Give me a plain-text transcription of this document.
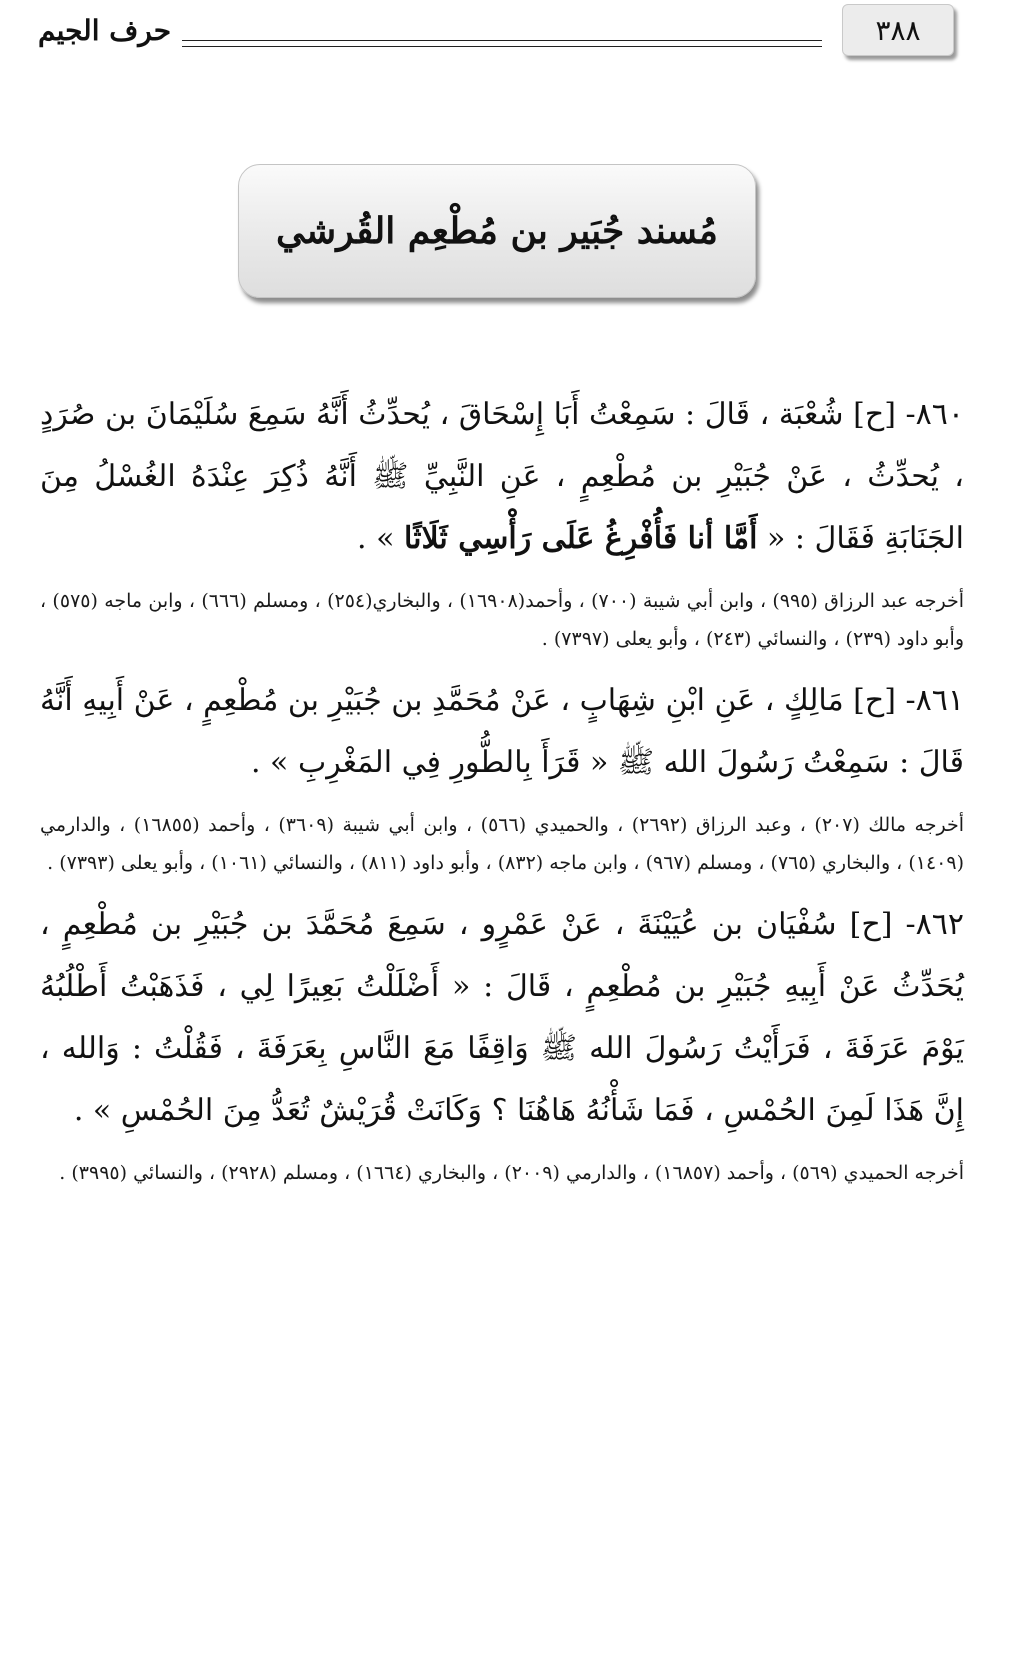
٣٨٨
حرف الجيم
مُسند جُبَير بن مُطْعِم القُرشي

٨٦٠- [ح] شُعْبَة ، قَالَ : سَمِعْتُ أَبَا إِسْحَاقَ ، يُحدِّثُ أَنَّهُ سَمِعَ سُلَيْمَانَ بن صُرَدٍ ، يُحدِّثُ ، عَنْ جُبَيْرِ بن مُطْعِمٍ ، عَنِ النَّبِيِّ ﷺ أَنَّهُ ذُكِرَ عِنْدَهُ الغُسْلُ مِنَ الجَنَابَةِ فَقَالَ : « أَمَّا أنا فَأُفْرِغُ عَلَى رَأْسِي ثَلَاثًا » .

أخرجه عبد الرزاق (٩٩٥) ، وابن أبي شيبة (٧٠٠) ، وأحمد(١٦٩٠٨) ، والبخاري(٢٥٤) ، ومسلم (٦٦٦) ، وابن ماجه (٥٧٥) ، وأبو داود (٢٣٩) ، والنسائي (٢٤٣) ، وأبو يعلى (٧٣٩٧) .

٨٦١- [ح] مَالِكٍ ، عَنِ ابْنِ شِهَابٍ ، عَنْ مُحَمَّدِ بن جُبَيْرِ بن مُطْعِمٍ ، عَنْ أَبِيهِ أَنَّهُ قَالَ : سَمِعْتُ رَسُولَ الله ﷺ « قَرَأَ بِالطُّورِ فِي المَغْرِبِ » .

أخرجه مالك (٢٠٧) ، وعبد الرزاق (٢٦٩٢) ، والحميدي (٥٦٦) ، وابن أبي شيبة (٣٦٠٩) ، وأحمد (١٦٨٥٥) ، والدارمي (١٤٠٩) ، والبخاري (٧٦٥) ، ومسلم (٩٦٧) ، وابن ماجه (٨٣٢) ، وأبو داود (٨١١) ، والنسائي (١٠٦١) ، وأبو يعلى (٧٣٩٣) .

٨٦٢- [ح] سُفْيَان بن عُيَيْنَةَ ، عَنْ عَمْرٍو ، سَمِعَ مُحَمَّدَ بن جُبَيْرِ بن مُطْعِمٍ ، يُحَدِّثُ عَنْ أَبِيهِ جُبَيْرِ بن مُطْعِمٍ ، قَالَ : « أَضْلَلْتُ بَعِيرًا لِي ، فَذَهَبْتُ أَطْلُبُهُ يَوْمَ عَرَفَةَ ، فَرَأَيْتُ رَسُولَ الله ﷺ وَاقِفًا مَعَ النَّاسِ بِعَرَفَةَ ، فَقُلْتُ : وَالله ، إِنَّ هَذَا لَمِنَ الحُمْسِ ، فَمَا شَأْنُهُ هَاهُنَا ؟ وَكَانَتْ قُرَيْشٌ تُعَدُّ مِنَ الحُمْسِ » .

أخرجه الحميدي (٥٦٩) ، وأحمد (١٦٨٥٧) ، والدارمي (٢٠٠٩) ، والبخاري (١٦٦٤) ، ومسلم (٢٩٢٨) ، والنسائي (٣٩٩٥) .
